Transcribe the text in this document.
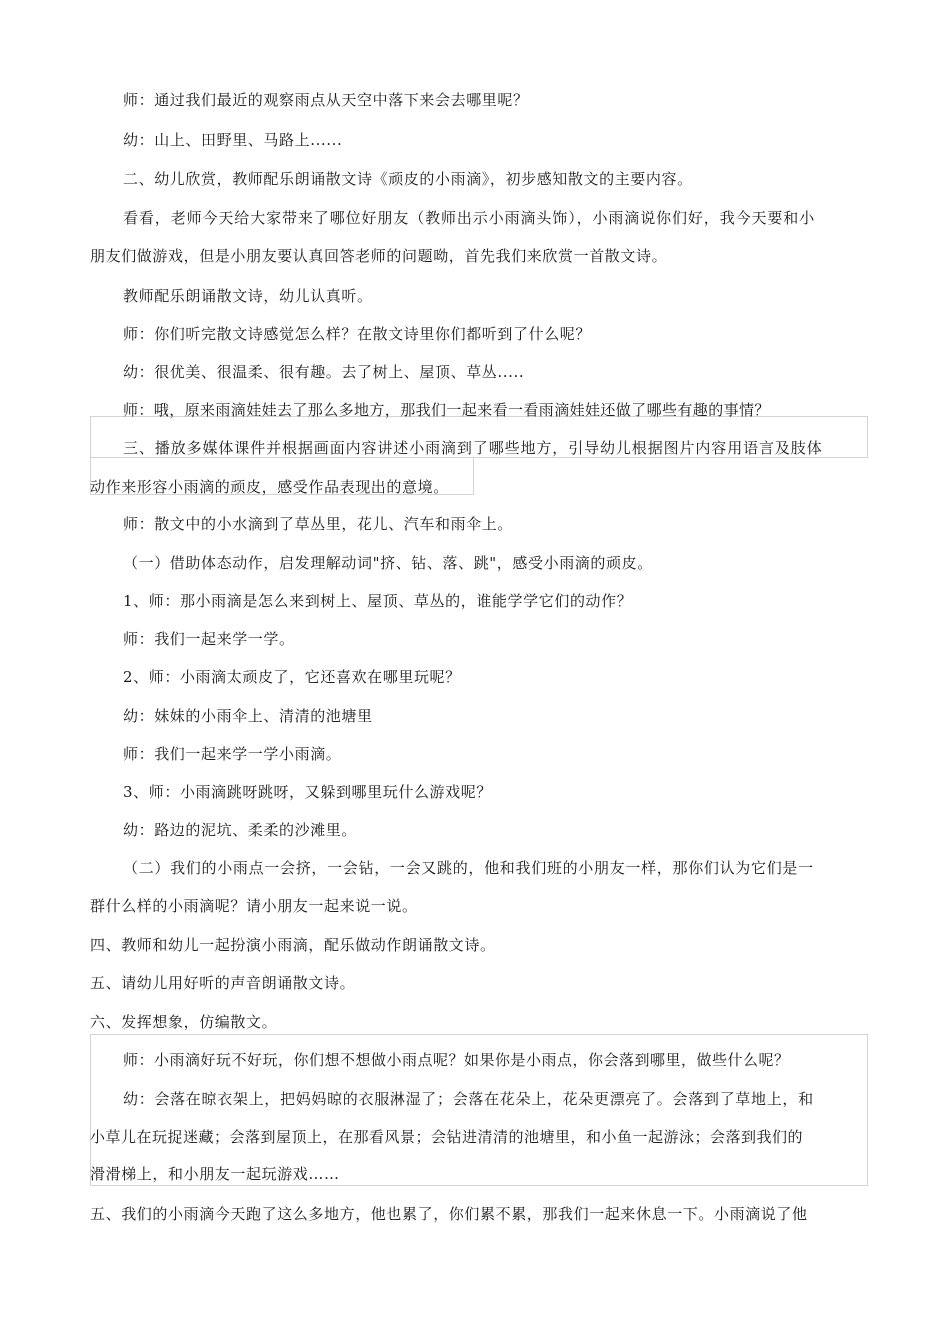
师：通过我们最近的观察雨点从天空中落下来会去哪里呢？
幼：山上、田野里、马路上......
二、幼儿欣赏，教师配乐朗诵散文诗《顽皮的小雨滴》，初步感知散文的主要内容。
看看，老师今天给大家带来了哪位好朋友（教师出示小雨滴头饰），小雨滴说你们好，我今天要和小
朋友们做游戏，但是小朋友要认真回答老师的问题呦，首先我们来欣赏一首散文诗。
教师配乐朗诵散文诗，幼儿认真听。
师：你们听完散文诗感觉怎么样？在散文诗里你们都听到了什么呢？
幼：很优美、很温柔、很有趣。去了树上、屋顶、草丛.....
师：哦，原来雨滴娃娃去了那么多地方，那我们一起来看一看雨滴娃娃还做了哪些有趣的事情？
三、播放多媒体课件并根据画面内容讲述小雨滴到了哪些地方，引导幼儿根据图片内容用语言及肢体
动作来形容小雨滴的顽皮，感受作品表现出的意境。
师：散文中的小水滴到了草丛里，花儿、汽车和雨伞上。
（一）借助体态动作，启发理解动词"挤、钻、落、跳"，感受小雨滴的顽皮。
1、师：那小雨滴是怎么来到树上、屋顶、草丛的，谁能学学它们的动作？
师：我们一起来学一学。
2、师：小雨滴太顽皮了，它还喜欢在哪里玩呢？
幼：妹妹的小雨伞上、清清的池塘里
师：我们一起来学一学小雨滴。
3、师：小雨滴跳呀跳呀，又躲到哪里玩什么游戏呢？
幼：路边的泥坑、柔柔的沙滩里。
（二）我们的小雨点一会挤，一会钻，一会又跳的，他和我们班的小朋友一样，那你们认为它们是一
群什么样的小雨滴呢？请小朋友一起来说一说。
四、教师和幼儿一起扮演小雨滴，配乐做动作朗诵散文诗。
五、请幼儿用好听的声音朗诵散文诗。
六、发挥想象，仿编散文。
师：小雨滴好玩不好玩，你们想不想做小雨点呢？如果你是小雨点，你会落到哪里，做些什么呢？
幼：会落在晾衣架上，把妈妈晾的衣服淋湿了；会落在花朵上，花朵更漂亮了。会落到了草地上，和
小草儿在玩捉迷藏；会落到屋顶上，在那看风景；会钻进清清的池塘里，和小鱼一起游泳；会落到我们的
滑滑梯上，和小朋友一起玩游戏……
五、我们的小雨滴今天跑了这么多地方，他也累了，你们累不累，那我们一起来休息一下。小雨滴说了他
